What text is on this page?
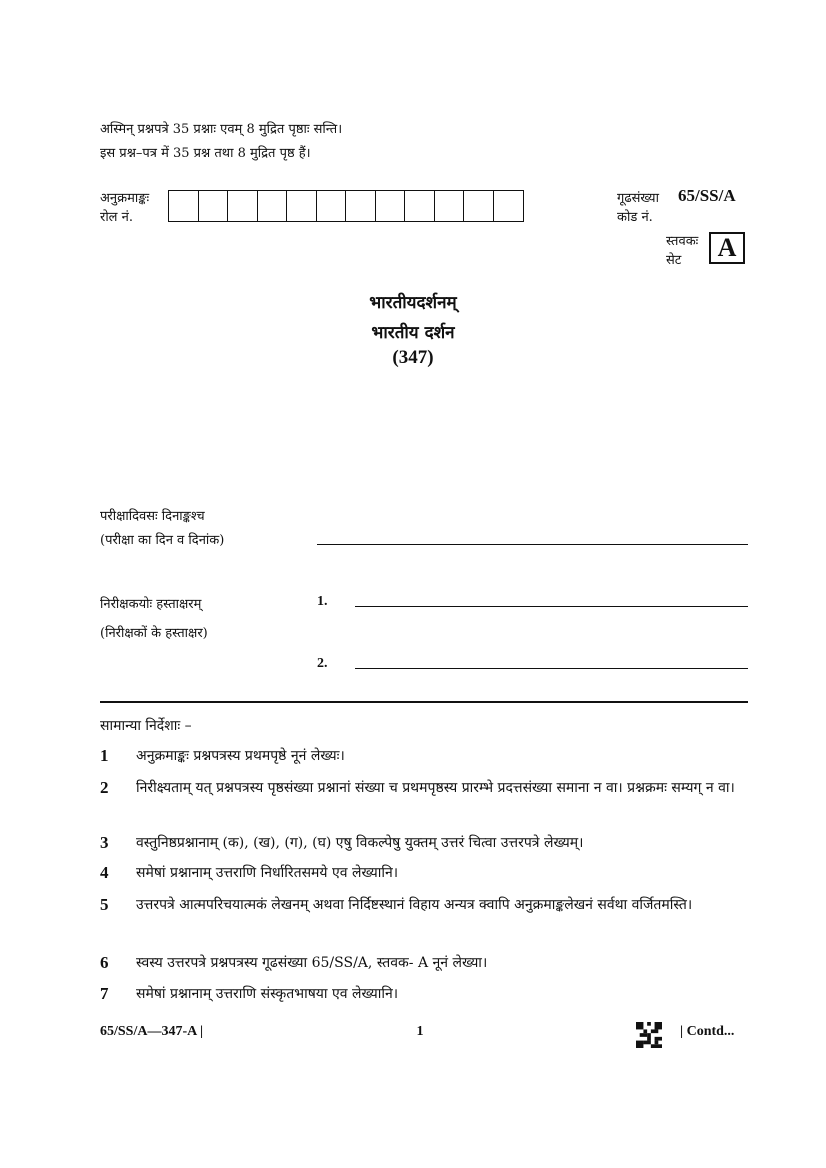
अस्मिन् प्रश्नपत्रे 35 प्रश्नाः एवम् 8 मुद्रित पृष्ठाः सन्ति।
इस प्रश्न–पत्र में 35 प्रश्न तथा 8 मुद्रित पृष्ठ हैं।
अनुक्रमाङ्कः
रोल नं.
गूढसंख्या
कोड नं.
65/SS/A
स्तवकः
सेट	A
भारतीयदर्शनम्
भारतीय दर्शन
(347)
परीक्षादिवसः दिनाङ्कश्च
(परीक्षा का दिन व दिनांक)
निरीक्षकयोः हस्ताक्षरम्
(निरीक्षकों के हस्ताक्षर)
1.
2.
सामान्या निर्देशाः –
1	अनुक्रमाङ्कः प्रश्नपत्रस्य प्रथमपृष्ठे नूनं लेख्यः।
2	निरीक्ष्यताम् यत् प्रश्नपत्रस्य पृष्ठसंख्या प्रश्नानां संख्या च प्रथमपृष्ठस्य प्रारम्भे प्रदत्तसंख्या समाना न वा। प्रश्नक्रमः सम्यग् न वा।
3	वस्तुनिष्ठप्रश्नानाम् (क), (ख), (ग), (घ) एषु विकल्पेषु युक्तम् उत्तरं चित्वा उत्तरपत्रे लेख्यम्।
4	समेषां प्रश्नानाम् उत्तराणि निर्धारितसमये एव लेख्यानि।
5	उत्तरपत्रे आत्मपरिचयात्मकं लेखनम् अथवा निर्दिष्टस्थानं विहाय अन्यत्र क्वापि अनुक्रमाङ्कलेखनं सर्वथा वर्जितमस्ति।
6	स्वस्य उत्तरपत्रे प्रश्नपत्रस्य गूढसंख्या 65/SS/A, स्तवक- A नूनं लेख्या।
7	समेषां प्रश्नानाम् उत्तराणि संस्कृतभाषया एव लेख्यानि।
65/SS/A—347-A |	1	| Contd...
